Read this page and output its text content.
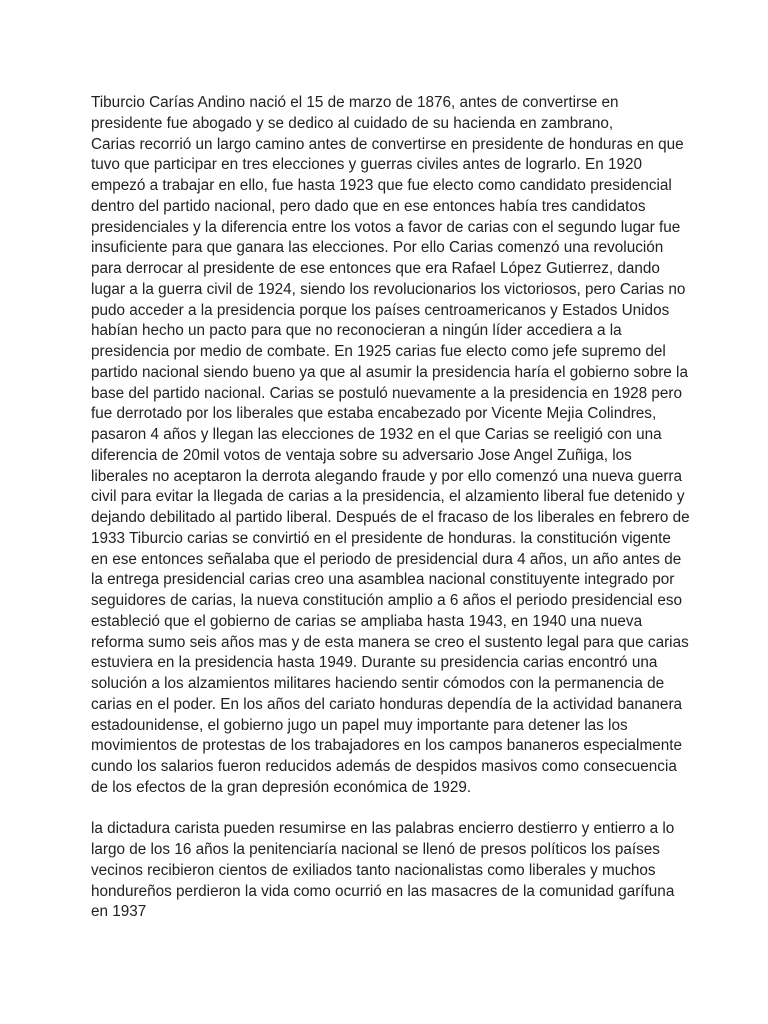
Tiburcio Carías Andino nació el 15 de marzo de 1876, antes de convertirse en
presidente fue abogado y se dedico al cuidado de su hacienda en zambrano,
Carias recorrió un largo camino antes de convertirse en presidente de honduras en que
tuvo que participar en tres elecciones y guerras civiles antes de lograrlo. En 1920
empezó a trabajar en ello, fue hasta 1923 que fue electo como candidato presidencial
dentro del partido nacional, pero dado que en ese entonces había tres candidatos
presidenciales y la diferencia entre los votos a favor de carias con el segundo lugar fue
insuficiente para que ganara las elecciones. Por ello Carias comenzó una revolución
para derrocar al presidente de ese entonces que era Rafael López Gutierrez, dando
lugar a la guerra civil de 1924, siendo los revolucionarios los victoriosos, pero Carias no
pudo acceder a la presidencia porque los países centroamericanos y Estados Unidos
habían hecho un pacto para que no reconocieran a ningún líder accediera a la
presidencia por medio de combate. En 1925 carias fue electo como jefe supremo del
partido nacional siendo bueno ya que al asumir la presidencia haría el gobierno sobre la
base del partido nacional. Carias se postuló nuevamente a la presidencia en 1928 pero
fue derrotado por los liberales que estaba encabezado por Vicente Mejia Colindres,
pasaron 4 años y llegan las elecciones de 1932 en el que Carias se reeligió con una
diferencia de 20mil votos de ventaja sobre su adversario Jose Angel Zuñiga, los
liberales no aceptaron la derrota alegando fraude y por ello comenzó una nueva guerra
civil para evitar la llegada de carias a la presidencia, el alzamiento liberal fue detenido y
dejando debilitado al partido liberal. Después de el fracaso de los liberales en febrero de
1933 Tiburcio carias se convirtió en el presidente de honduras. la constitución vigente
en ese entonces señalaba que el periodo de presidencial dura 4 años, un año antes de
la entrega presidencial carias creo una asamblea nacional constituyente integrado por
seguidores de carias, la nueva constitución amplio a 6 años el periodo presidencial eso
estableció que el gobierno de carias se ampliaba hasta 1943, en 1940 una nueva
reforma sumo seis años mas y de esta manera se creo el sustento legal para que carias
estuviera en la presidencia hasta 1949. Durante su presidencia carias encontró una
solución a los alzamientos militares haciendo sentir cómodos con la permanencia de
carias en el poder. En los años del cariato honduras dependía de la actividad bananera
estadounidense, el gobierno jugo un papel muy importante para detener las los
movimientos de protestas de los trabajadores en los campos bananeros especialmente
cundo los salarios fueron reducidos además de despidos masivos como consecuencia
de los efectos de la gran depresión económica de 1929.
la dictadura carista pueden resumirse en las palabras encierro destierro y entierro a lo
largo de los 16 años la penitenciaría nacional se llenó de presos políticos los países
vecinos recibieron cientos de exiliados tanto nacionalistas como liberales y muchos
hondureños perdieron la vida como ocurrió en las masacres de la comunidad garífuna
en 1937
